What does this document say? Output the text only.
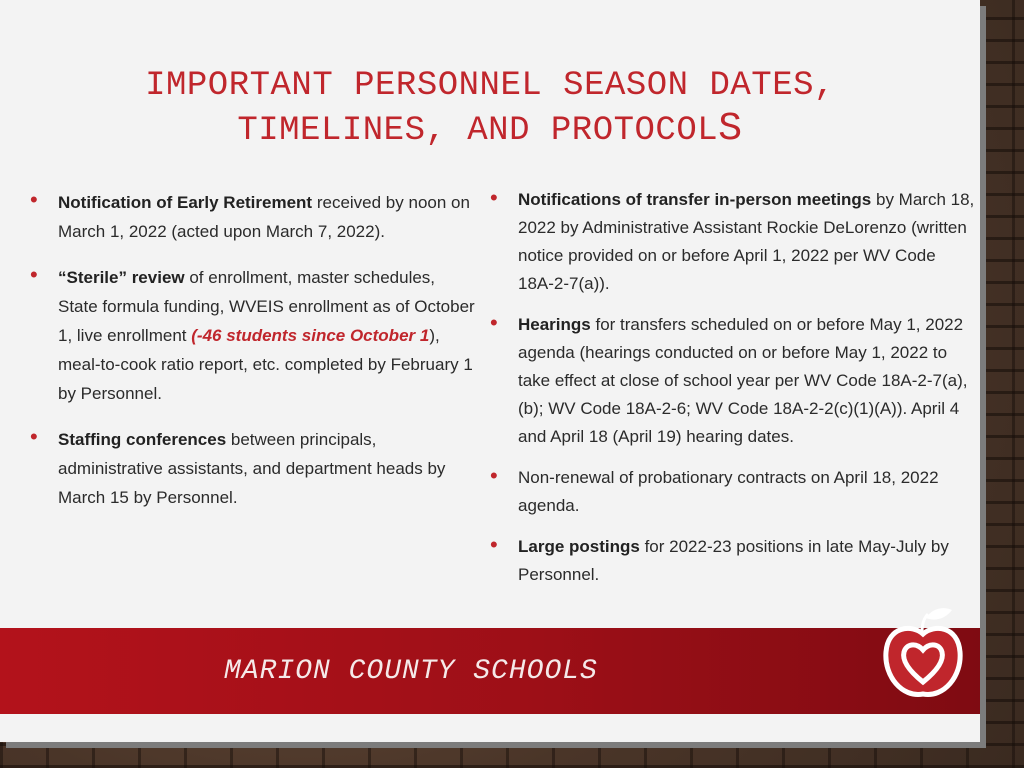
IMPORTANT PERSONNEL SEASON DATES,
TIMELINES, AND PROTOCOLS
• Notification of Early Retirement received by noon on March 1, 2022 (acted upon March 7, 2022).
• “Sterile” review of enrollment, master schedules, State formula funding, WVEIS enrollment as of October 1, live enrollment (-46 students since October 1), meal-to-cook ratio report, etc. completed by February 1 by Personnel.
• Staffing conferences between principals, administrative assistants, and department heads by March 15 by Personnel.
• Notifications of transfer in-person meetings by March 18, 2022 by Administrative Assistant Rockie DeLorenzo (written notice provided on or before April 1, 2022 per WV Code 18A-2-7(a)).
• Hearings for transfers scheduled on or before May 1, 2022 agenda (hearings conducted on or before May 1, 2022 to take effect at close of school year per WV Code 18A-2-7(a), (b); WV Code 18A-2-6; WV Code 18A-2-2(c)(1)(A)). April 4 and April 18 (April 19) hearing dates.
• Non-renewal of probationary contracts on April 18, 2022 agenda.
• Large postings for 2022-23 positions in late May-July by Personnel.
MARION COUNTY SCHOOLS
